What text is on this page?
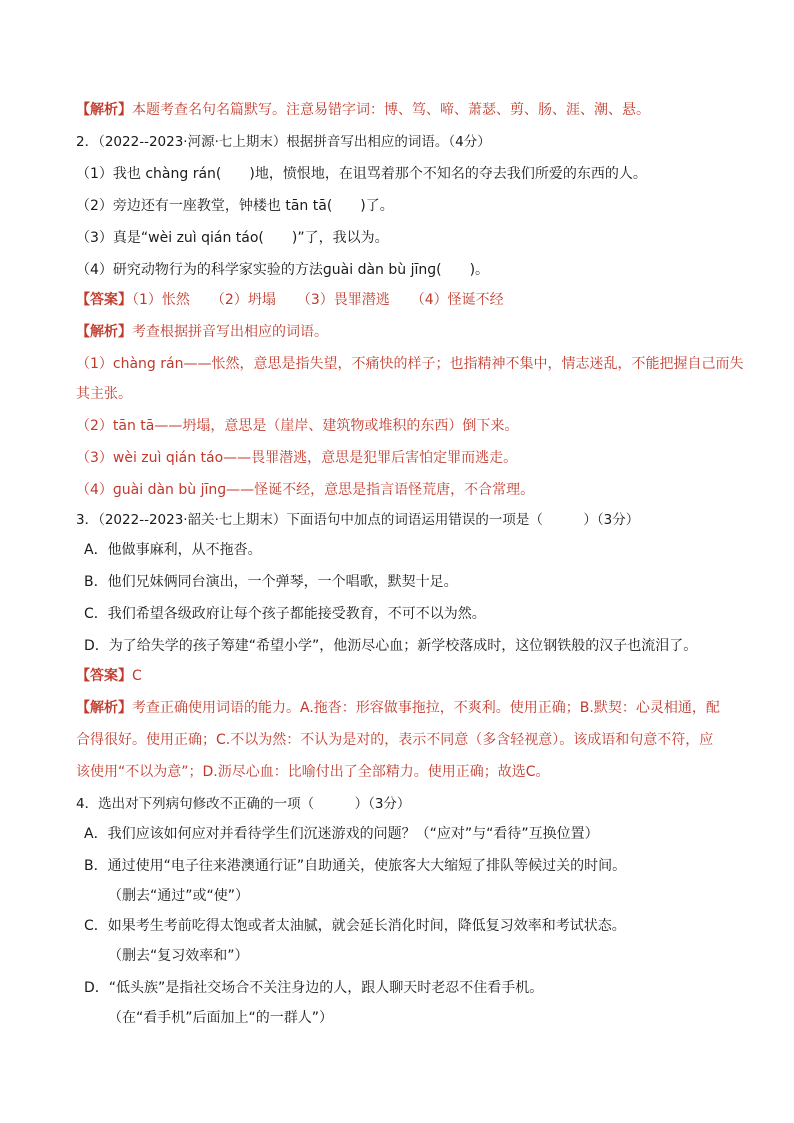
【解析】本题考查名句名篇默写。注意易错字词：博、笃、啼、萧瑟、剪、肠、涯、潮、悬。
2．（2022--2023·河源·七上期末）根据拼音写出相应的词语。（4分）
（1）我也 chàng rán(　　)地，愤恨地，在诅骂着那个不知名的夺去我们所爱的东西的人。
（2）旁边还有一座教堂，钟楼也 tān tā(　　)了。
（3）真是“wèi zuì qián táo(　　)”了，我以为。
（4）研究动物行为的科学家实验的方法ɡuài dàn bù jīnɡ(　　)。
【答案】（1）怅然　　（2）坍塌　　（3）畏罪潜逃　　（4）怪诞不经
【解析】考查根据拼音写出相应的词语。
（1）chàng rán——怅然，意思是指失望，不痛快的样子；也指精神不集中，情志迷乱，不能把握自己而失
其主张。
（2）tān tā——坍塌，意思是（崖岸、建筑物或堆积的东西）倒下来。
（3）wèi zuì qián táo——畏罪潜逃，意思是犯罪后害怕定罪而逃走。
（4）ɡuài dàn bù jīnɡ——怪诞不经，意思是指言语怪荒唐，不合常理。
3．（2022--2023·韶关·七上期末）下面语句中加点的词语运用错误的一项是（　　　）（3分）
A．他做事麻利，从不拖沓。
B．他们兄妹俩同台演出，一个弹琴，一个唱歌，默契十足。
C．我们希望各级政府让每个孩子都能接受教育，不可不以为然。
D．为了给失学的孩子筹建“希望小学”，他沥尽心血；新学校落成时，这位钢铁般的汉子也流泪了。
【答案】C
【解析】考查正确使用词语的能力。A.拖沓：形容做事拖拉，不爽利。使用正确；B.默契：心灵相通，配
合得很好。使用正确；C.不以为然：不认为是对的，表示不同意（多含轻视意）。该成语和句意不符，应
该使用“不以为意”；D.沥尽心血：比喻付出了全部精力。使用正确；故选C。
4．选出对下列病句修改不正确的一项（　　　）（3分）
A．我们应该如何应对并看待学生们沉迷游戏的问题？（“应对”与“看待”互换位置）
B．通过使用“电子往来港澳通行证”自助通关，使旅客大大缩短了排队等候过关的时间。
（删去“通过”或“使”）
C．如果考生考前吃得太饱或者太油腻，就会延长消化时间，降低复习效率和考试状态。
（删去“复习效率和”）
D．“低头族”是指社交场合不关注身边的人，跟人聊天时老忍不住看手机。
（在“看手机”后面加上“的一群人”）
